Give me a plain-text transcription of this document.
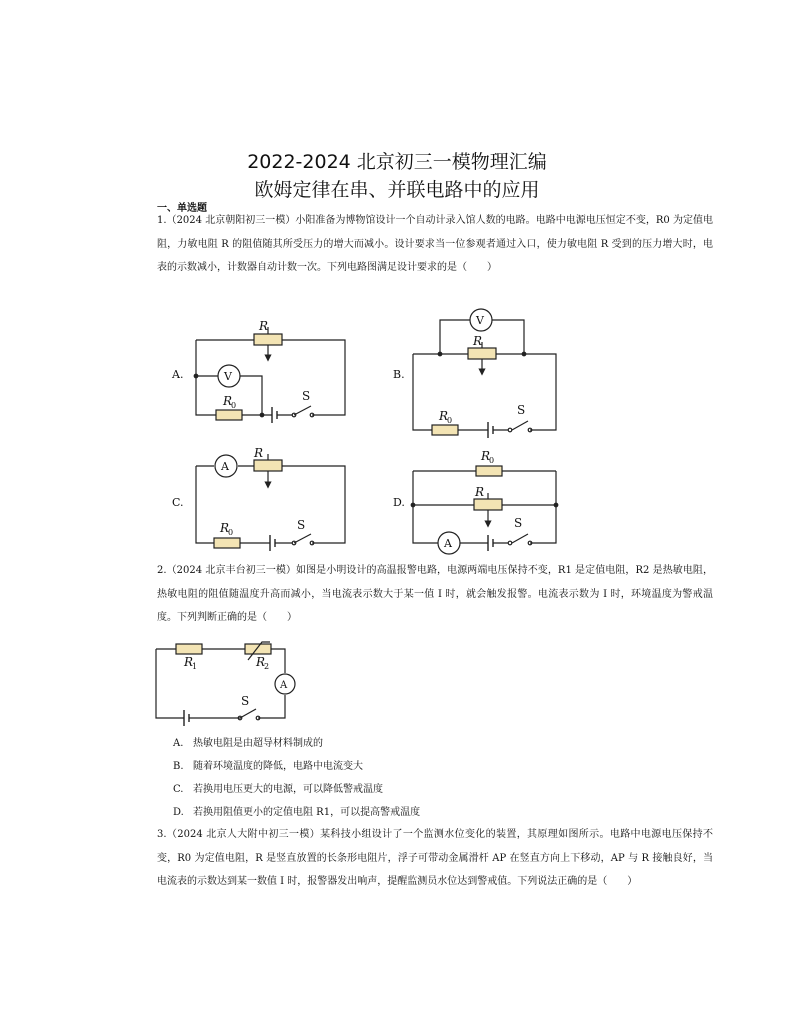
2022-2024 北京初三一模物理汇编
欧姆定律在串、并联电路中的应用
一、单选题

1.（2024 北京朝阳初三一模）小阳准备为博物馆设计一个自动计录入馆人数的电路。电路中电源电压恒定不变，R0 为定值电阻，力敏电阻 R 的阻值随其所受压力的增大而减小。设计要求当一位参观者通过入口，使力敏电阻 R 受到的压力增大时，电表的示数减小，计数器自动计数一次。下列电路图满足设计要求的是（　　）

A.
R
R
0
V
S
B.
R
0
S
R
V
C.
A
R
R
0
S
D.
A
S
R
0
R
R
1	R
2
A
S

2.（2024 北京丰台初三一模）如图是小明设计的高温报警电路，电源两端电压保持不变，R1 是定值电阻，R2 是热敏电阻，热敏电阻的阻值随温度升高而减小，当电流表示数大于某一值 I 时，就会触发报警。电流表示数为 I 时，环境温度为警戒温度。下列判断正确的是（　　）

A. 热敏电阻是由超导材料制成的
B. 随着环境温度的降低，电路中电流变大
C. 若换用电压更大的电源，可以降低警戒温度
D. 若换用阻值更小的定值电阻 R1，可以提高警戒温度

3.（2024 北京人大附中初三一模）某科技小组设计了一个监测水位变化的装置，其原理如图所示。电路中电源电压保持不变，R0 为定值电阻，R 是竖直放置的长条形电阻片，浮子可带动金属滑杆 AP 在竖直方向上下移动，AP 与 R 接触良好，当电流表的示数达到某一数值 I 时，报警器发出响声，提醒监测员水位达到警戒值。下列说法正确的是（　　）
